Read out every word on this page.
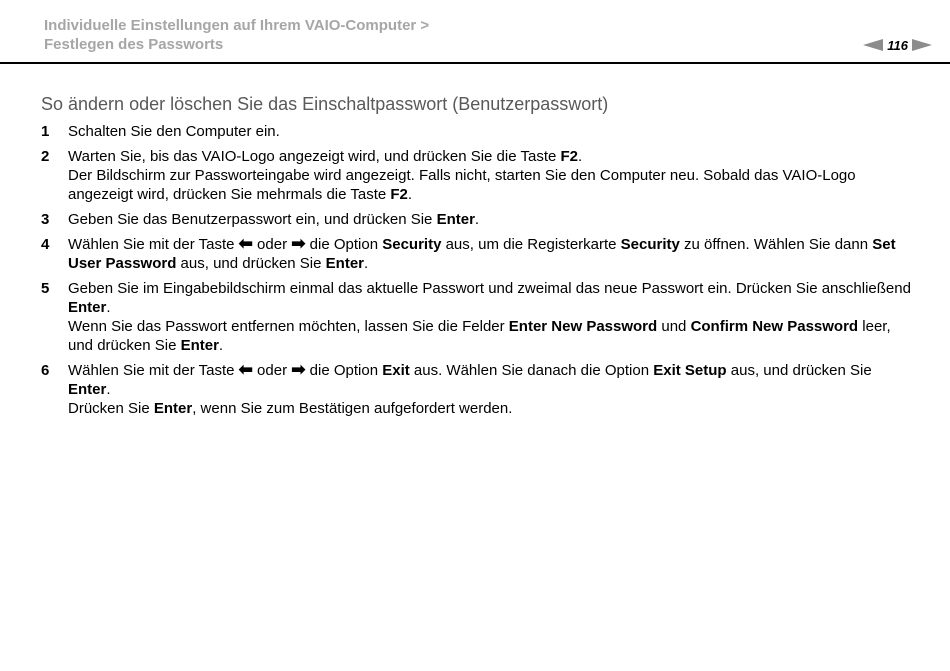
Individuelle Einstellungen auf Ihrem VAIO-Computer >
Festlegen des Passworts	116
So ändern oder löschen Sie das Einschaltpasswort (Benutzerpasswort)
1	Schalten Sie den Computer ein.
2	Warten Sie, bis das VAIO-Logo angezeigt wird, und drücken Sie die Taste F2.
Der Bildschirm zur Passworteingabe wird angezeigt. Falls nicht, starten Sie den Computer neu. Sobald das VAIO-Logo angezeigt wird, drücken Sie mehrmals die Taste F2.
3	Geben Sie das Benutzerpasswort ein, und drücken Sie Enter.
4	Wählen Sie mit der Taste ⬅ oder ➡ die Option Security aus, um die Registerkarte Security zu öffnen. Wählen Sie dann Set User Password aus, und drücken Sie Enter.
5	Geben Sie im Eingabebildschirm einmal das aktuelle Passwort und zweimal das neue Passwort ein. Drücken Sie anschließend Enter.
Wenn Sie das Passwort entfernen möchten, lassen Sie die Felder Enter New Password und Confirm New Password leer, und drücken Sie Enter.
6	Wählen Sie mit der Taste ⬅ oder ➡ die Option Exit aus. Wählen Sie danach die Option Exit Setup aus, und drücken Sie Enter.
Drücken Sie Enter, wenn Sie zum Bestätigen aufgefordert werden.
